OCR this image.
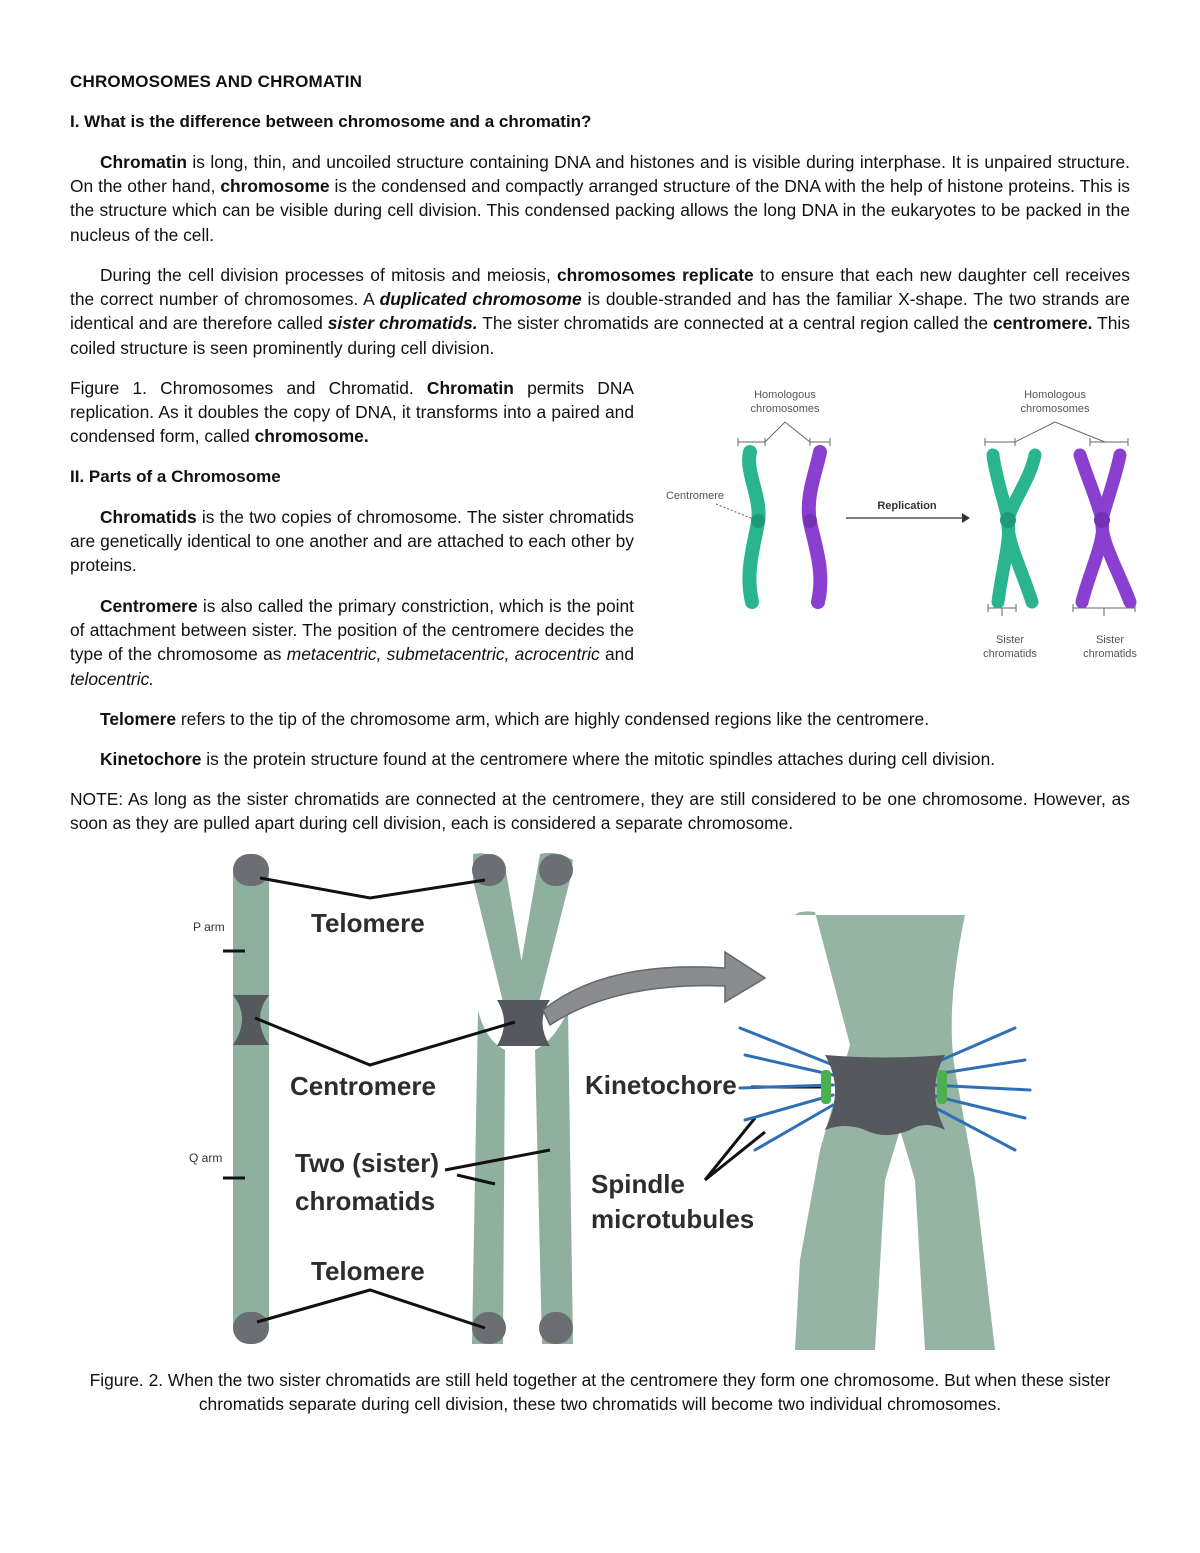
CHROMOSOMES AND CHROMATIN
I. What is the difference between chromosome and a chromatin?

Chromatin is long, thin, and uncoiled structure containing DNA and histones and is visible during interphase. It is unpaired structure. On the other hand, chromosome is the condensed and compactly arranged structure of the DNA with the help of histone proteins. This is the structure which can be visible during cell division. This condensed packing allows the long DNA in the eukaryotes to be packed in the nucleus of the cell.

During the cell division processes of mitosis and meiosis, chromosomes replicate to ensure that each new daughter cell receives the correct number of chromosomes. A duplicated chromosome is double-stranded and has the familiar X-shape. The two strands are identical and are therefore called sister chromatids. The sister chromatids are connected at a central region called the centromere. This coiled structure is seen prominently during cell division.

Figure 1. Chromosomes and Chromatid. Chromatin permits DNA replication. As it doubles the copy of DNA, it transforms into a paired and condensed form, called chromosome.

II. Parts of a Chromosome

Chromatids is the two copies of chromosome. The sister chromatids are genetically identical to one another and are attached to each other by proteins.

Centromere is also called the primary constriction, which is the point of attachment between sister. The position of the centromere decides the type of the chromosome as metacentric, submetacentric, acrocentric and telocentric.

Telomere refers to the tip of the chromosome arm, which are highly condensed regions like the centromere.

Kinetochore is the protein structure found at the centromere where the mitotic spindles attaches during cell division.

NOTE: As long as the sister chromatids are connected at the centromere, they are still considered to be one chromosome. However, as soon as they are pulled apart during cell division, each is considered a separate chromosome.

Homologous
chromosomes
Homologous
chromosomes
Centromere
Sister
chromatids
Sister
chromatids
Replication
P arm
Q arm
Telomere
Centromere
Two (sister)
chromatids
Telomere
Kinetochore
Spindle
microtubules

Figure. 2. When the two sister chromatids are still held together at the centromere they form one chromosome. But when these sister chromatids separate during cell division, these two chromatids will become two individual chromosomes.
